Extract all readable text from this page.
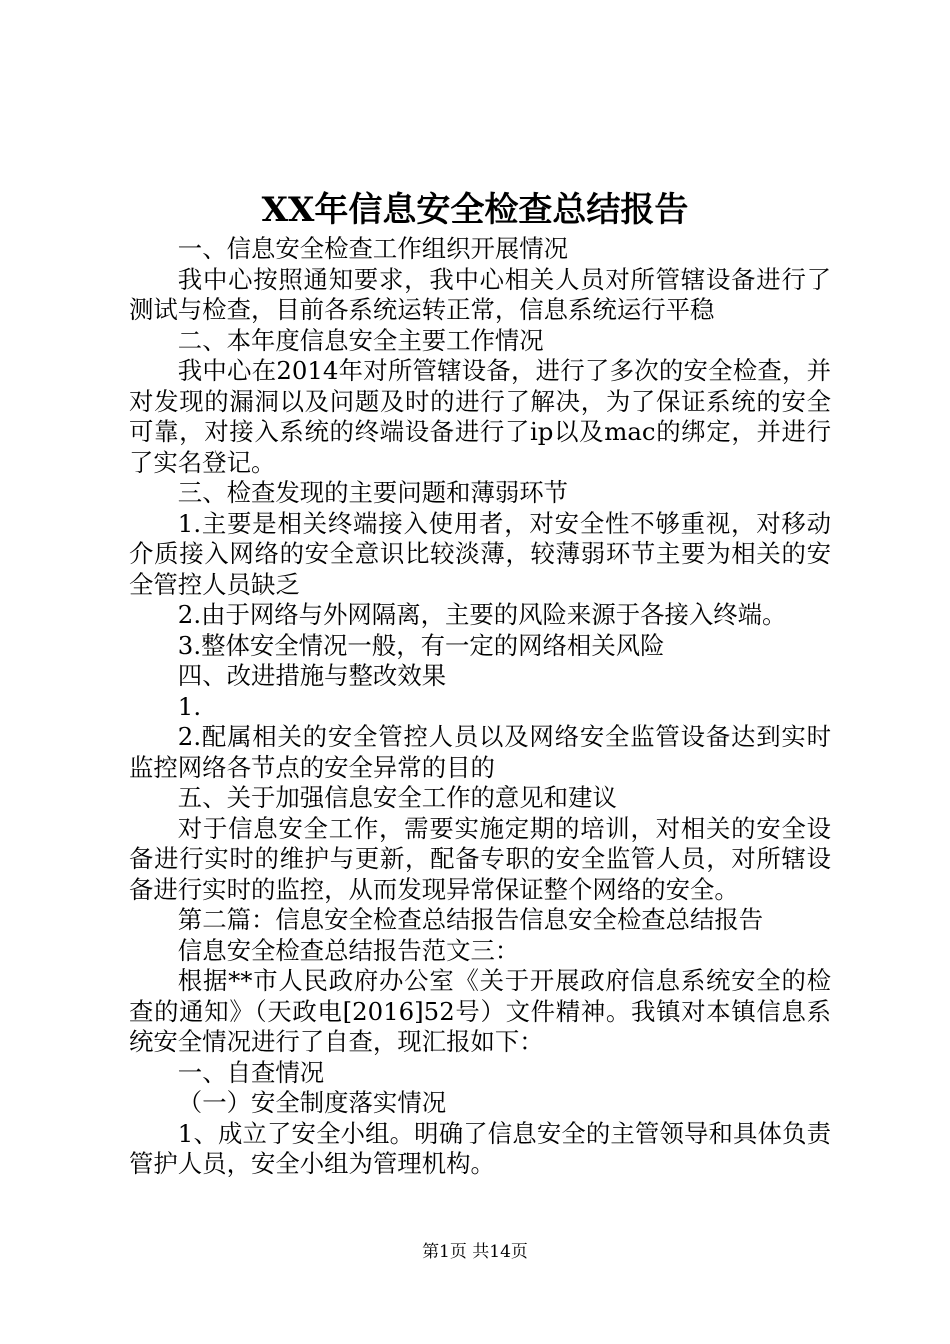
XX年信息安全检查总结报告

一、信息安全检查工作组织开展情况

我中心按照通知要求，我中心相关人员对所管辖设备进行了测试与检查，目前各系统运转正常，信息系统运行平稳

二、本年度信息安全主要工作情况

我中心在2014年对所管辖设备，进行了多次的安全检查，并对发现的漏洞以及问题及时的进行了解决，为了保证系统的安全可靠，对接入系统的终端设备进行了ip以及mac的绑定，并进行了实名登记。

三、检查发现的主要问题和薄弱环节

1.主要是相关终端接入使用者，对安全性不够重视，对移动介质接入网络的安全意识比较淡薄，较薄弱环节主要为相关的安全管控人员缺乏

2.由于网络与外网隔离，主要的风险来源于各接入终端。

3.整体安全情况一般，有一定的网络相关风险

四、改进措施与整改效果

1.

2.配属相关的安全管控人员以及网络安全监管设备达到实时监控网络各节点的安全异常的目的

五、关于加强信息安全工作的意见和建议

对于信息安全工作，需要实施定期的培训，对相关的安全设备进行实时的维护与更新，配备专职的安全监管人员，对所辖设备进行实时的监控，从而发现异常保证整个网络的安全。

第二篇：信息安全检查总结报告信息安全检查总结报告

信息安全检查总结报告范文三：

根据**市人民政府办公室《关于开展政府信息系统安全的检查的通知》（天政电[2016]52号）文件精神。我镇对本镇信息系统安全情况进行了自查，现汇报如下：

一、自查情况

（一）安全制度落实情况

1、成立了安全小组。明确了信息安全的主管领导和具体负责管护人员，安全小组为管理机构。

第1页 共14页
